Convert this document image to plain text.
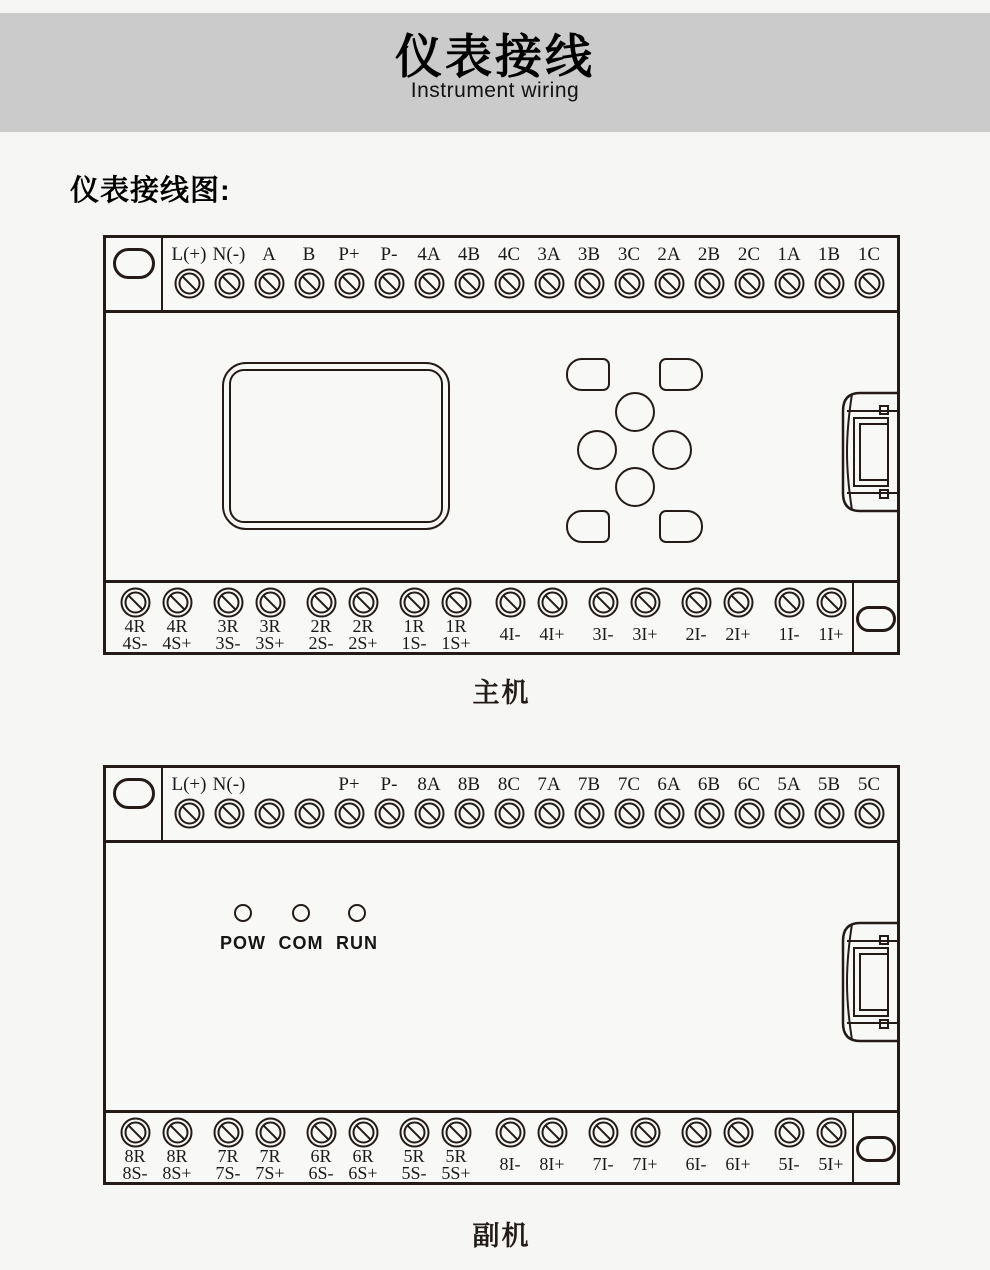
仪表接线
Instrument wiring
仪表接线图:
L(+) N(-) A B P+ P- 4A 4B 4C 3A 3B 3C 2A 2B 2C 1A 1B 1C
4R
4S-
4R
4S+
3R
3S-
3R
3S+
2R
2S-
2R
2S+
1R
1S-
1R
1S+ 4I- 4I+ 3I- 3I+ 2I- 2I+ 1I- 1I+
主机
L(+) N(-)	P+ P- 8A 8B 8C 7A 7B 7C 6A 6B 6C 5A 5B 5C
POW COM RUN
8R
8S-
8R
8S+
7R
7S-
7R
7S+
6R
6S-
6R
6S+
5R
5S-
5R
5S+ 8I- 8I+ 7I- 7I+ 6I- 6I+ 5I- 5I+
副机
